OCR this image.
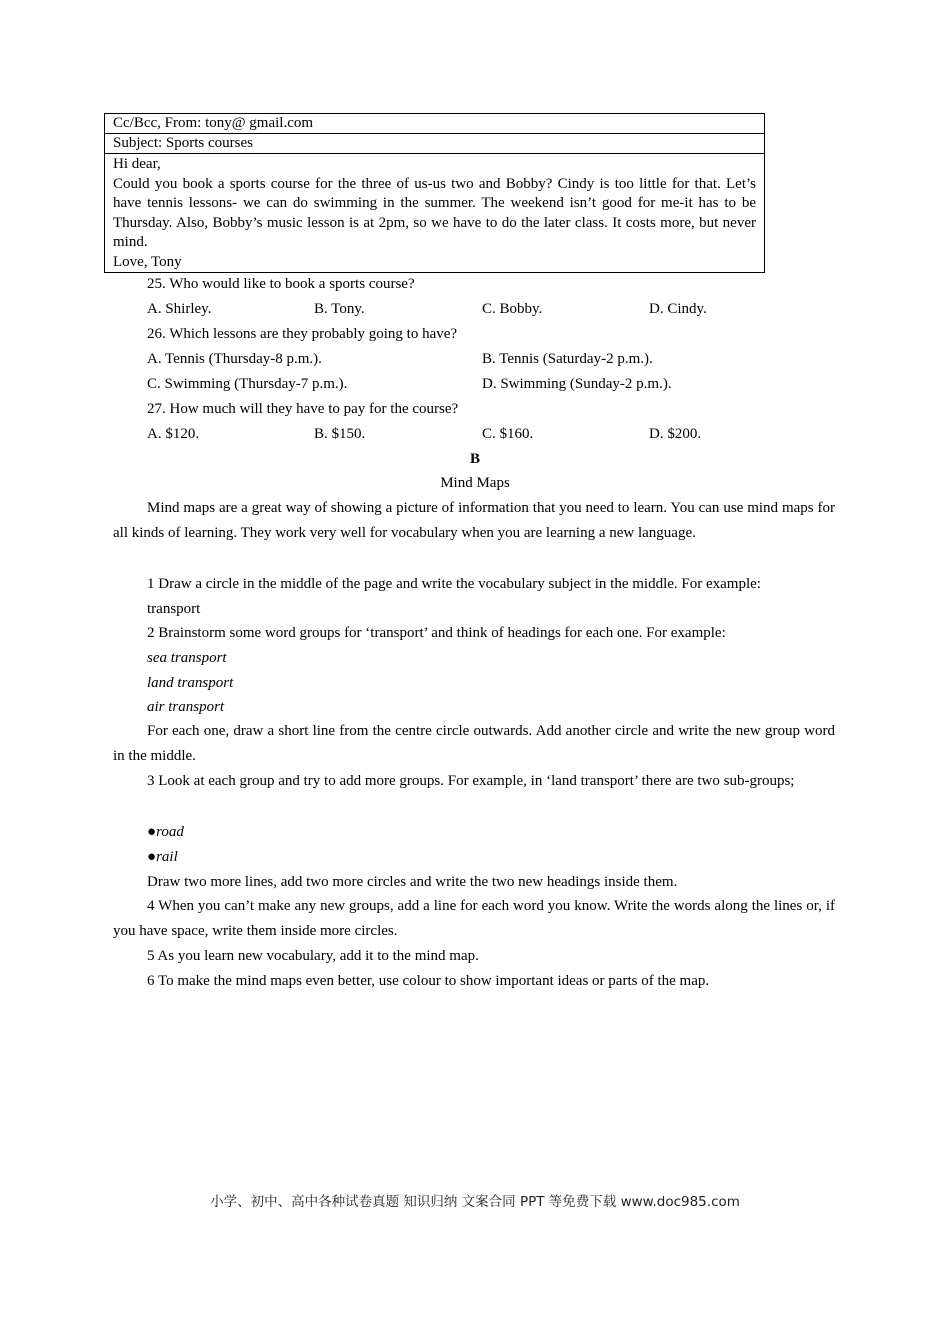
Cc/Bcc, From: tony@ gmail.com
Subject: Sports courses

Hi dear,

Could you book a sports course for the three of us-us two and Bobby? Cindy is too little for that. Let’s have tennis lessons- we can do swimming in the summer. The weekend isn’t good for me-it has to be Thursday. Also, Bobby’s music lesson is at 2pm, so we have to do the later class. It costs more, but never mind.

Love, Tony

25. Who would like to book a sports course?
A. Shirley.	B. Tony.	C. Bobby.	D. Cindy.
26. Which lessons are they probably going to have?
A. Tennis (Thursday-8 p.m.).	B. Tennis (Saturday-2 p.m.).
C. Swimming (Thursday-7 p.m.).	D. Swimming (Sunday-2 p.m.).
27. How much will they have to pay for the course?
A. $120.	B. $150.	C. $160.	D. $200.
B
Mind Maps

Mind maps are a great way of showing a picture of information that you need to learn. You can use mind maps for all kinds of learning. They work very well for vocabulary when you are learning a new language.

1 Draw a circle in the middle of the page and write the vocabulary subject in the middle. For example:
transport
2 Brainstorm some word groups for ‘transport’ and think of headings for each one. For example:
sea transport
land transport
air transport

For each one, draw a short line from the centre circle outwards. Add another circle and write the new group word in the middle.

3 Look at each group and try to add more groups. For example, in ‘land transport’ there are two sub-groups;

●road
●rail
Draw two more lines, add two more circles and write the two new headings inside them.

4 When you can’t make any new groups, add a line for each word you know. Write the words along the lines or, if you have space, write them inside more circles.

5 As you learn new vocabulary, add it to the mind map.
6 To make the mind maps even better, use colour to show important ideas or parts of the map.
小学、初中、高中各种试卷真题 知识归纳 文案合同 PPT 等免费下载 www.doc985.com
